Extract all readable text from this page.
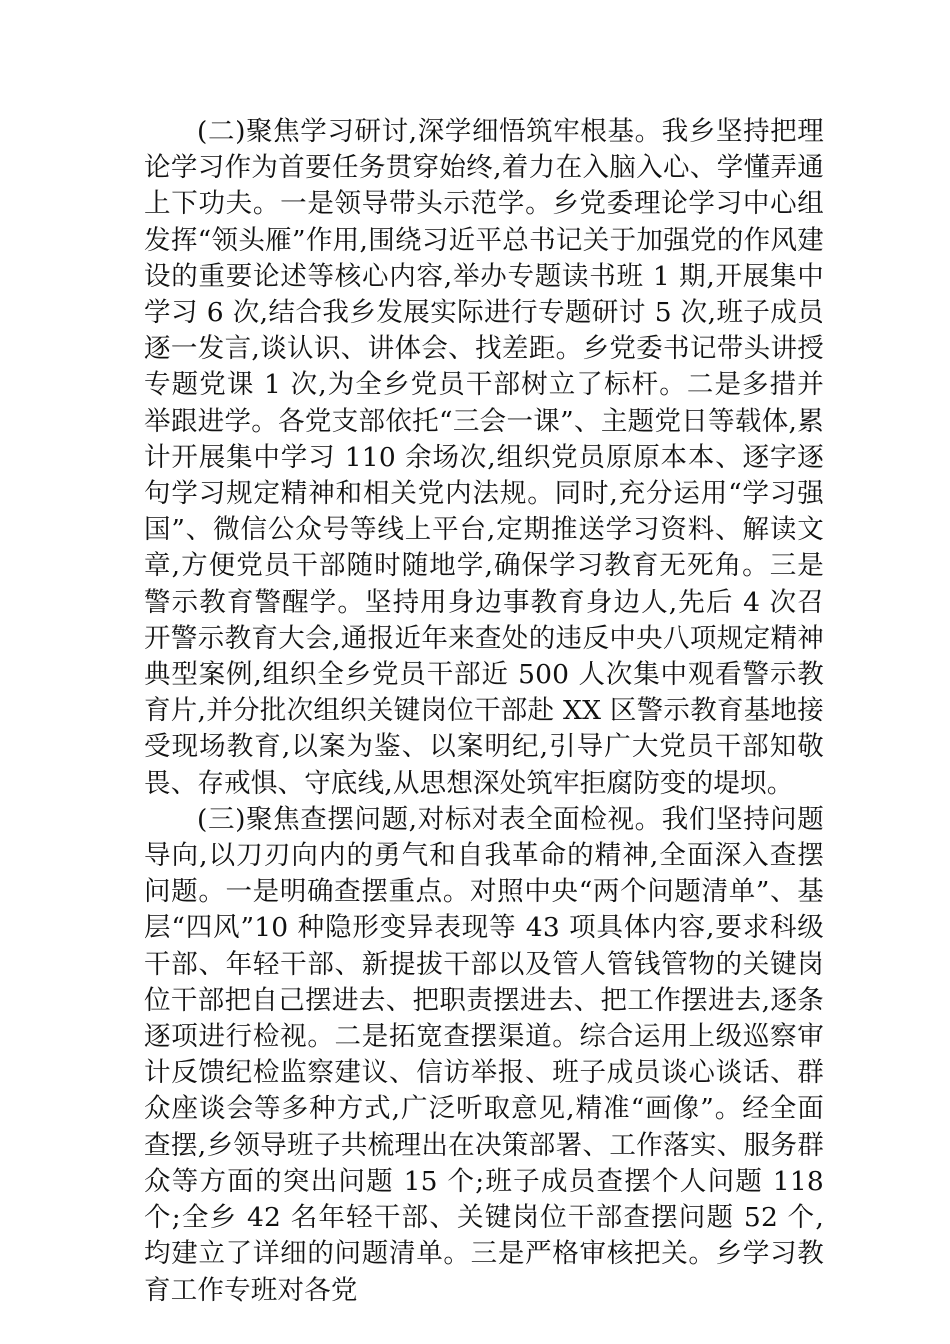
(二)聚焦学习研讨,深学细悟筑牢根基。我乡坚持把理论学习作为首要任务贯穿始终,着力在入脑入心、学懂弄通上下功夫。一是领导带头示范学。乡党委理论学习中心组发挥“领头雁”作用,围绕习近平总书记关于加强党的作风建设的重要论述等核心内容,举办专题读书班 1 期,开展集中学习 6 次,结合我乡发展实际进行专题研讨 5 次,班子成员逐一发言,谈认识、讲体会、找差距。乡党委书记带头讲授专题党课 1 次,为全乡党员干部树立了标杆。二是多措并举跟进学。各党支部依托“三会一课”、主题党日等载体,累计开展集中学习 110 余场次,组织党员原原本本、逐字逐句学习规定精神和相关党内法规。同时,充分运用“学习强国”、微信公众号等线上平台,定期推送学习资料、解读文章,方便党员干部随时随地学,确保学习教育无死角。三是警示教育警醒学。坚持用身边事教育身边人,先后 4 次召开警示教育大会,通报近年来查处的违反中央八项规定精神典型案例,组织全乡党员干部近 500 人次集中观看警示教育片,并分批次组织关键岗位干部赴 XX 区警示教育基地接受现场教育,以案为鉴、以案明纪,引导广大党员干部知敬畏、存戒惧、守底线,从思想深处筑牢拒腐防变的堤坝。

(三)聚焦查摆问题,对标对表全面检视。我们坚持问题导向,以刀刃向内的勇气和自我革命的精神,全面深入查摆问题。一是明确查摆重点。对照中央“两个问题清单”、基层“四风”10 种隐形变异表现等 43 项具体内容,要求科级干部、年轻干部、新提拔干部以及管人管钱管物的关键岗位干部把自己摆进去、把职责摆进去、把工作摆进去,逐条逐项进行检视。二是拓宽查摆渠道。综合运用上级巡察审计反馈纪检监察建议、信访举报、班子成员谈心谈话、群众座谈会等多种方式,广泛听取意见,精准“画像”。经全面查摆,乡领导班子共梳理出在决策部署、工作落实、服务群众等方面的突出问题 15 个;班子成员查摆个人问题 118 个;全乡 42 名年轻干部、关键岗位干部查摆问题 52 个,均建立了详细的问题清单。三是严格审核把关。乡学习教育工作专班对各党
